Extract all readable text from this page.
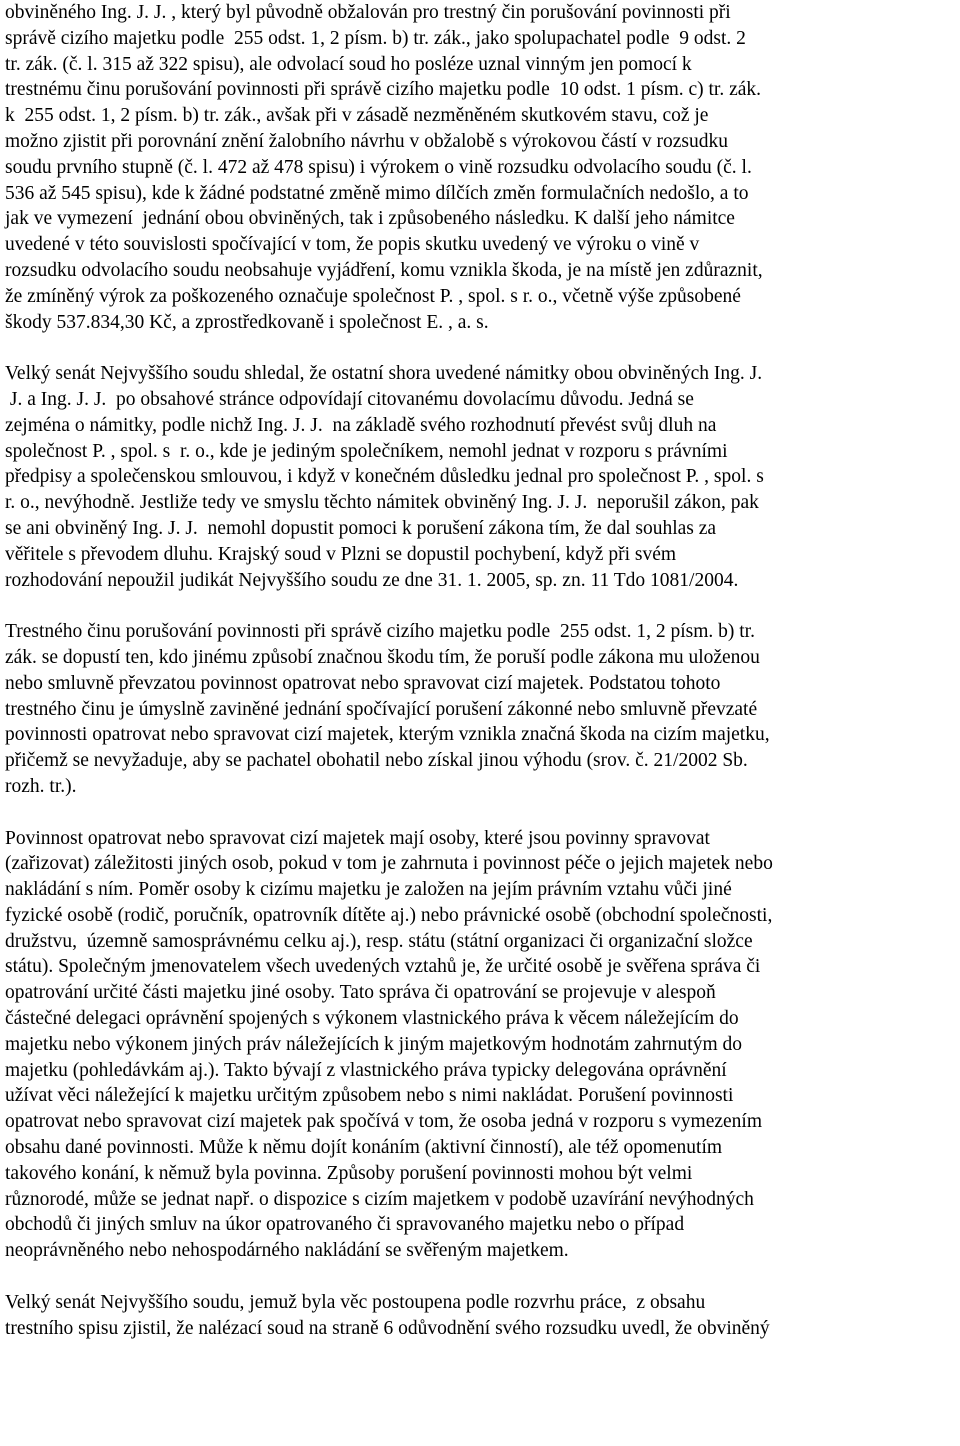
obviněného Ing. J. J. , který byl původně obžalován pro trestný čin porušování povinnosti při
správě cizího majetku podle  255 odst. 1, 2 písm. b) tr. zák., jako spolupachatel podle  9 odst. 2
tr. zák. (č. l. 315 až 322 spisu), ale odvolací soud ho posléze uznal vinným jen pomocí k
trestnému činu porušování povinnosti při správě cizího majetku podle  10 odst. 1 písm. c) tr. zák.
k  255 odst. 1, 2 písm. b) tr. zák., avšak při v zásadě nezměněném skutkovém stavu, což je
možno zjistit při porovnání znění žalobního návrhu v obžalobě s výrokovou částí v rozsudku
soudu prvního stupně (č. l. 472 až 478 spisu) i výrokem o vině rozsudku odvolacího soudu (č. l.
536 až 545 spisu), kde k žádné podstatné změně mimo dílčích změn formulačních nedošlo, a to
jak ve vymezení  jednání obou obviněných, tak i způsobeného následku. K další jeho námitce
uvedené v této souvislosti spočívající v tom, že popis skutku uvedený ve výroku o vině v
rozsudku odvolacího soudu neobsahuje vyjádření, komu vznikla škoda, je na místě jen zdůraznit,
že zmíněný výrok za poškozeného označuje společnost P. , spol. s r. o., včetně výše způsobené
škody 537.834,30 Kč, a zprostředkovaně i společnost E. , a. s.
Velký senát Nejvyššího soudu shledal, že ostatní shora uvedené námitky obou obviněných Ing. J.
J. a Ing. J. J.  po obsahové stránce odpovídají citovanému dovolacímu důvodu. Jedná se
zejména o námitky, podle nichž Ing. J. J.  na základě svého rozhodnutí převést svůj dluh na
společnost P. , spol. s  r. o., kde je jediným společníkem, nemohl jednat v rozporu s právními
předpisy a společenskou smlouvou, i když v konečném důsledku jednal pro společnost P. , spol. s
r. o., nevýhodně. Jestliže tedy ve smyslu těchto námitek obviněný Ing. J. J.  neporušil zákon, pak
se ani obviněný Ing. J. J.  nemohl dopustit pomoci k porušení zákona tím, že dal souhlas za
věřitele s převodem dluhu. Krajský soud v Plzni se dopustil pochybení, když při svém
rozhodování nepoužil judikát Nejvyššího soudu ze dne 31. 1. 2005, sp. zn. 11 Tdo 1081/2004.
Trestného činu porušování povinnosti při správě cizího majetku podle  255 odst. 1, 2 písm. b) tr.
zák. se dopustí ten, kdo jinému způsobí značnou škodu tím, že poruší podle zákona mu uloženou
nebo smluvně převzatou povinnost opatrovat nebo spravovat cizí majetek. Podstatou tohoto
trestného činu je úmyslně zaviněné jednání spočívající porušení zákonné nebo smluvně převzaté
povinnosti opatrovat nebo spravovat cizí majetek, kterým vznikla značná škoda na cizím majetku,
přičemž se nevyžaduje, aby se pachatel obohatil nebo získal jinou výhodu (srov. č. 21/2002 Sb.
rozh. tr.).
Povinnost opatrovat nebo spravovat cizí majetek mají osoby, které jsou povinny spravovat
(zařizovat) záležitosti jiných osob, pokud v tom je zahrnuta i povinnost péče o jejich majetek nebo
nakládání s ním. Poměr osoby k cizímu majetku je založen na jejím právním vztahu vůči jiné
fyzické osobě (rodič, poručník, opatrovník dítěte aj.) nebo právnické osobě (obchodní společnosti,
družstvu,  územně samosprávnému celku aj.), resp. státu (státní organizaci či organizační složce
státu). Společným jmenovatelem všech uvedených vztahů je, že určité osobě je svěřena správa či
opatrování určité části majetku jiné osoby. Tato správa či opatrování se projevuje v alespoň
částečné delegaci oprávnění spojených s výkonem vlastnického práva k věcem náležejícím do
majetku nebo výkonem jiných práv náležejících k jiným majetkovým hodnotám zahrnutým do
majetku (pohledávkám aj.). Takto bývají z vlastnického práva typicky delegována oprávnění
užívat věci náležející k majetku určitým způsobem nebo s nimi nakládat. Porušení povinnosti
opatrovat nebo spravovat cizí majetek pak spočívá v tom, že osoba jedná v rozporu s vymezením
obsahu dané povinnosti. Může k němu dojít konáním (aktivní činností), ale též opomenutím
takového konání, k němuž byla povinna. Způsoby porušení povinnosti mohou být velmi
různorodé, může se jednat např. o dispozice s cizím majetkem v podobě uzavírání nevýhodných
obchodů či jiných smluv na úkor opatrovaného či spravovaného majetku nebo o případ
neoprávněného nebo nehospodárného nakládání se svěřeným majetkem.
Velký senát Nejvyššího soudu, jemuž byla věc postoupena podle rozvrhu práce,  z obsahu
trestního spisu zjistil, že nalézací soud na straně 6 odůvodnění svého rozsudku uvedl, že obviněný
